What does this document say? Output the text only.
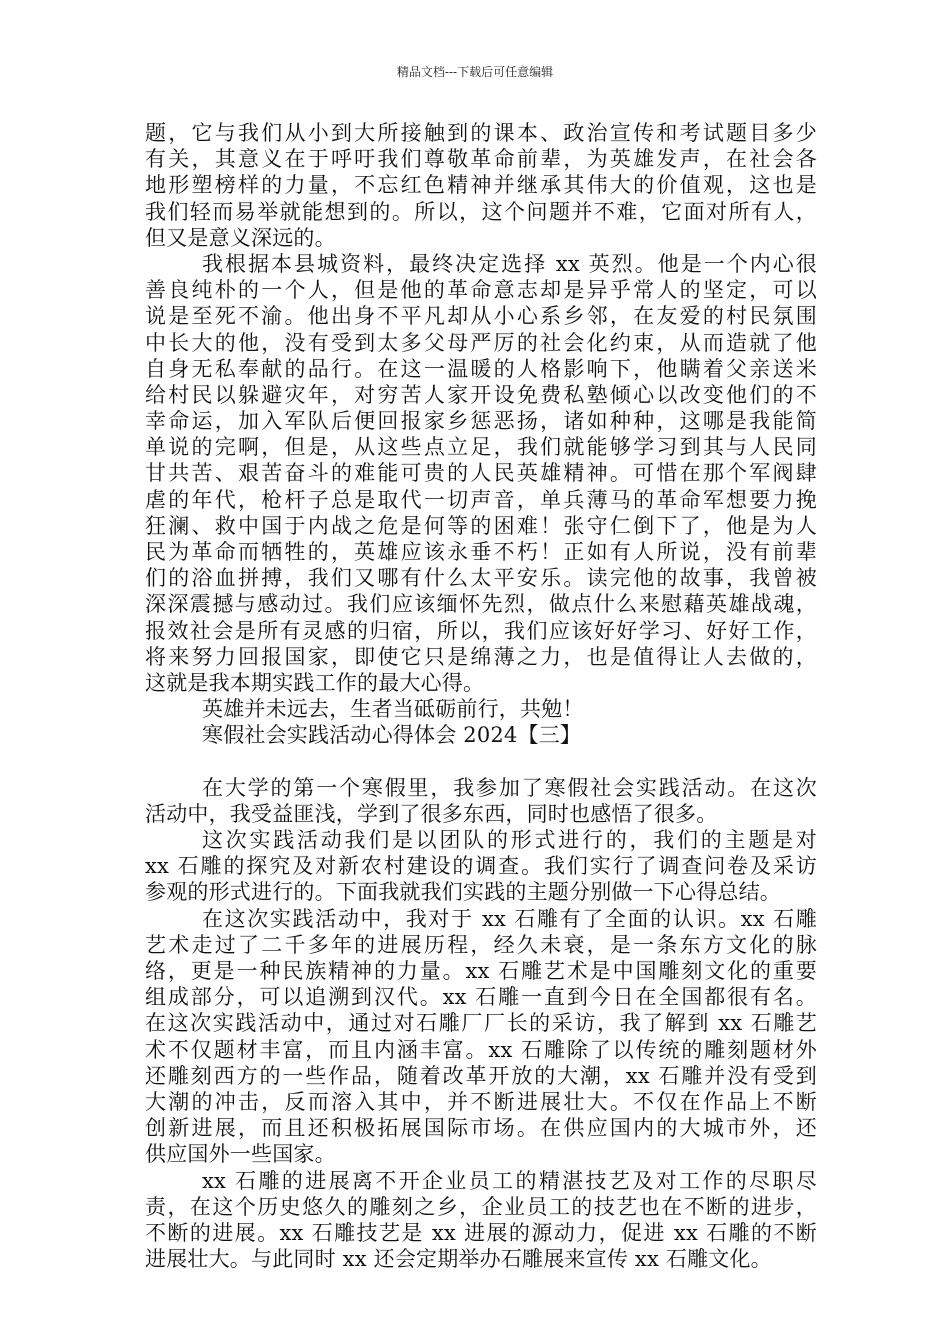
精品文档---下载后可任意编辑
题，它与我们从小到大所接触到的课本、政治宣传和考试题目多少
有关，其意义在于呼吁我们尊敬革命前辈，为英雄发声，在社会各
地形塑榜样的力量，不忘红色精神并继承其伟大的价值观，这也是
我们轻而易举就能想到的。所以，这个问题并不难，它面对所有人，
但又是意义深远的。
我根据本县城资料，最终决定选择 xx 英烈。他是一个内心很
善良纯朴的一个人，但是他的革命意志却是异乎常人的坚定，可以
说是至死不渝。他出身不平凡却从小心系乡邻，在友爱的村民氛围
中长大的他，没有受到太多父母严厉的社会化约束，从而造就了他
自身无私奉献的品行。在这一温暖的人格影响下，他瞒着父亲送米
给村民以躲避灾年，对穷苦人家开设免费私塾倾心以改变他们的不
幸命运，加入军队后便回报家乡惩恶扬，诸如种种，这哪是我能简
单说的完啊，但是，从这些点立足，我们就能够学习到其与人民同
甘共苦、艰苦奋斗的难能可贵的人民英雄精神。可惜在那个军阀肆
虐的年代，枪杆子总是取代一切声音，单兵薄马的革命军想要力挽
狂澜、救中国于内战之危是何等的困难！张守仁倒下了，他是为人
民为革命而牺牲的，英雄应该永垂不朽！正如有人所说，没有前辈
们的浴血拼搏，我们又哪有什么太平安乐。读完他的故事，我曾被
深深震撼与感动过。我们应该缅怀先烈，做点什么来慰藉英雄战魂，
报效社会是所有灵感的归宿，所以，我们应该好好学习、好好工作，
将来努力回报国家，即使它只是绵薄之力，也是值得让人去做的，
这就是我本期实践工作的最大心得。
英雄并未远去，生者当砥砺前行，共勉！
寒假社会实践活动心得体会 2024【三】
在大学的第一个寒假里，我参加了寒假社会实践活动。在这次
活动中，我受益匪浅，学到了很多东西，同时也感悟了很多。
这次实践活动我们是以团队的形式进行的，我们的主题是对
xx 石雕的探究及对新农村建设的调查。我们实行了调查问卷及采访
参观的形式进行的。下面我就我们实践的主题分别做一下心得总结。
在这次实践活动中，我对于 xx 石雕有了全面的认识。xx 石雕
艺术走过了二千多年的进展历程，经久未衰，是一条东方文化的脉
络，更是一种民族精神的力量。xx 石雕艺术是中国雕刻文化的重要
组成部分，可以追溯到汉代。xx 石雕一直到今日在全国都很有名。
在这次实践活动中，通过对石雕厂厂长的采访，我了解到 xx 石雕艺
术不仅题材丰富，而且内涵丰富。xx 石雕除了以传统的雕刻题材外
还雕刻西方的一些作品，随着改革开放的大潮，xx 石雕并没有受到
大潮的冲击，反而溶入其中，并不断进展壮大。不仅在作品上不断
创新进展，而且还积极拓展国际市场。在供应国内的大城市外，还
供应国外一些国家。
xx 石雕的进展离不开企业员工的精湛技艺及对工作的尽职尽
责，在这个历史悠久的雕刻之乡，企业员工的技艺也在不断的进步，
不断的进展。xx 石雕技艺是 xx 进展的源动力，促进 xx 石雕的不断
进展壮大。与此同时 xx 还会定期举办石雕展来宣传 xx 石雕文化。
